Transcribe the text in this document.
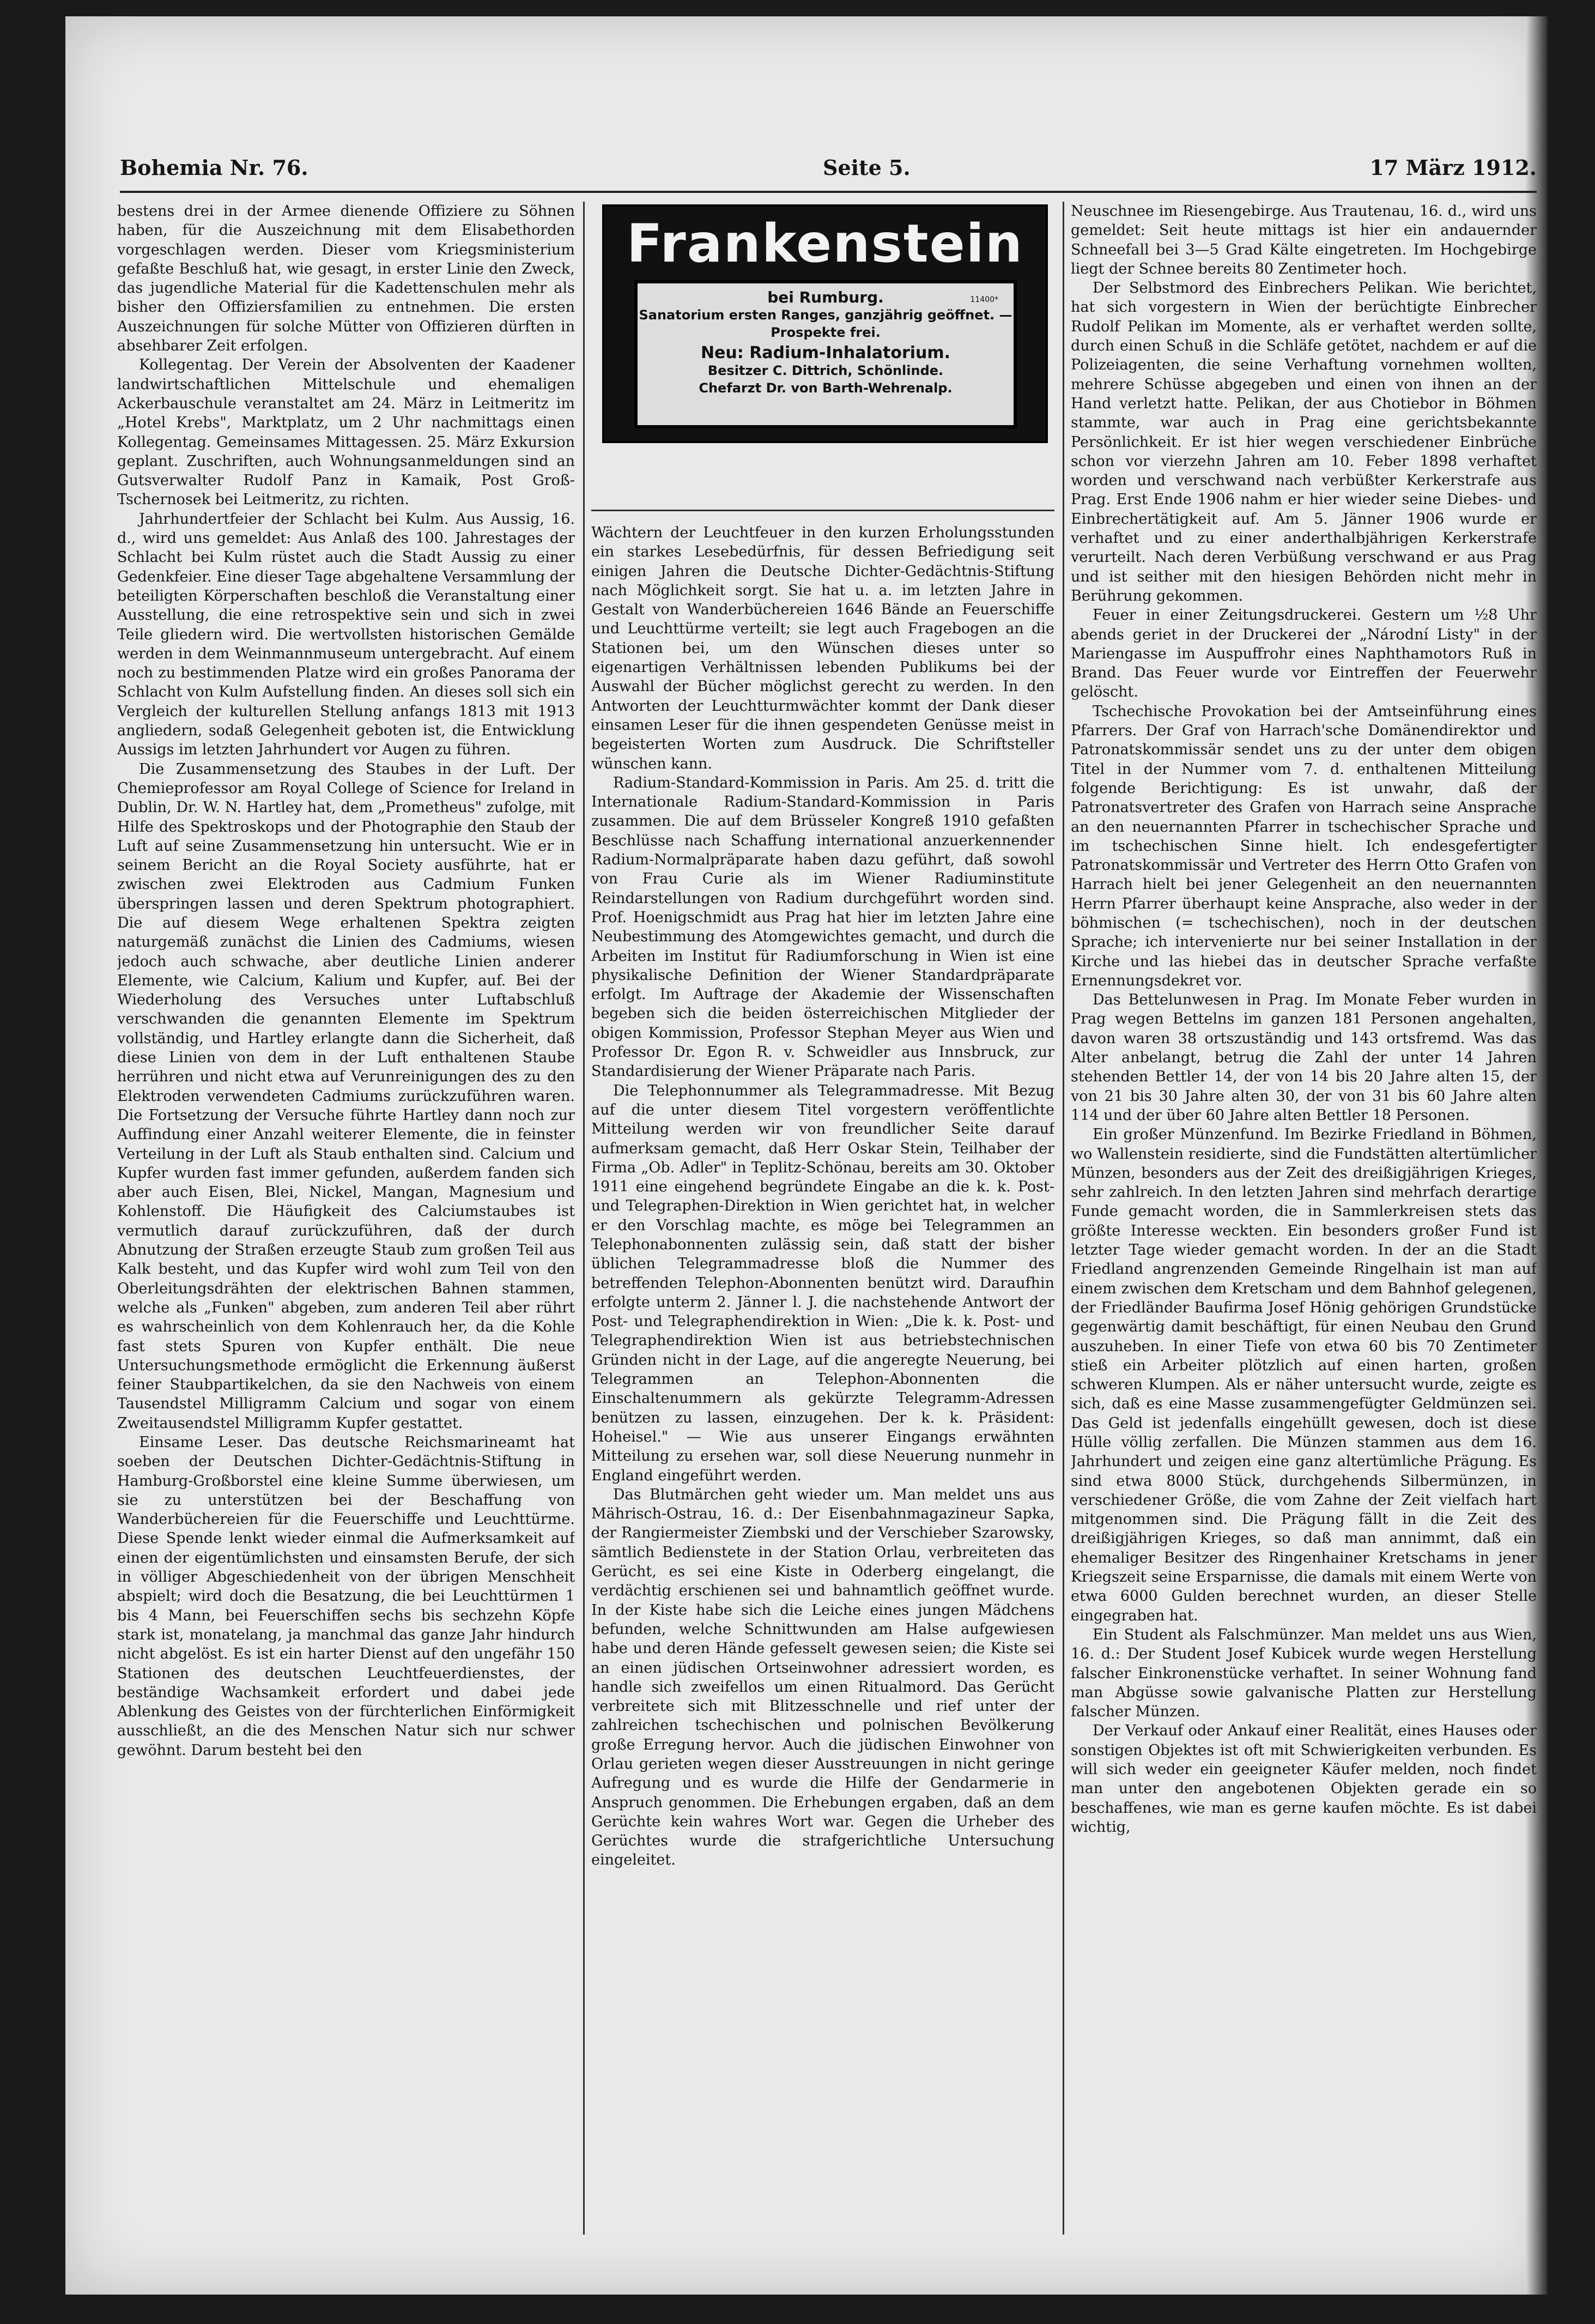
Bohemia Nr. 76.	Seite 5.	17 März 1912.

bestens drei in der Armee dienende Offiziere zu Söhnen haben, für die Auszeichnung mit dem Elisabethorden vorgeschlagen werden. Dieser vom Kriegsministerium gefaßte Beschluß hat, wie gesagt, in erster Linie den Zweck, das jugendliche Material für die Kadettenschulen mehr als bisher den Offiziersfamilien zu entnehmen. Die ersten Auszeichnungen für solche Mütter von Offizieren dürften in absehbarer Zeit erfolgen.

Kollegentag. Der Verein der Absolventen der Kaadener landwirtschaftlichen Mittelschule und ehemaligen Ackerbauschule veranstaltet am 24. März in Leitmeritz im „Hotel Krebs", Marktplatz, um 2 Uhr nachmittags einen Kollegentag. Gemeinsames Mittagessen. 25. März Exkursion geplant. Zuschriften, auch Wohnungsanmeldungen sind an Gutsverwalter Rudolf Panz in Kamaik, Post Groß-Tschernosek bei Leitmeritz, zu richten.

Jahrhundertfeier der Schlacht bei Kulm. Aus Aussig, 16. d., wird uns gemeldet: Aus Anlaß des 100. Jahrestages der Schlacht bei Kulm rüstet auch die Stadt Aussig zu einer Gedenkfeier. Eine dieser Tage abgehaltene Versammlung der beteiligten Körperschaften beschloß die Veranstaltung einer Ausstellung, die eine retrospektive sein und sich in zwei Teile gliedern wird. Die wertvollsten historischen Gemälde werden in dem Weinmannmuseum untergebracht. Auf einem noch zu bestimmenden Platze wird ein großes Panorama der Schlacht von Kulm Aufstellung finden. An dieses soll sich ein Vergleich der kulturellen Stellung anfangs 1813 mit 1913 angliedern, sodaß Gelegenheit geboten ist, die Entwicklung Aussigs im letzten Jahrhundert vor Augen zu führen.

Die Zusammensetzung des Staubes in der Luft. Der Chemieprofessor am Royal College of Science for Ireland in Dublin, Dr. W. N. Hartley hat, dem „Prometheus" zufolge, mit Hilfe des Spektroskops und der Photographie den Staub der Luft auf seine Zusammensetzung hin untersucht. Wie er in seinem Bericht an die Royal Society ausführte, hat er zwischen zwei Elektroden aus Cadmium Funken überspringen lassen und deren Spektrum photographiert. Die auf diesem Wege erhaltenen Spektra zeigten naturgemäß zunächst die Linien des Cadmiums, wiesen jedoch auch schwache, aber deutliche Linien anderer Elemente, wie Calcium, Kalium und Kupfer, auf. Bei der Wiederholung des Versuches unter Luftabschluß verschwanden die genannten Elemente im Spektrum vollständig, und Hartley erlangte dann die Sicherheit, daß diese Linien von dem in der Luft enthaltenen Staube herrühren und nicht etwa auf Verunreinigungen des zu den Elektroden verwendeten Cadmiums zurückzuführen waren. Die Fortsetzung der Versuche führte Hartley dann noch zur Auffindung einer Anzahl weiterer Elemente, die in feinster Verteilung in der Luft als Staub enthalten sind. Calcium und Kupfer wurden fast immer gefunden, außerdem fanden sich aber auch Eisen, Blei, Nickel, Mangan, Magnesium und Kohlenstoff. Die Häufigkeit des Calciumstaubes ist vermutlich darauf zurückzuführen, daß der durch Abnutzung der Straßen erzeugte Staub zum großen Teil aus Kalk besteht, und das Kupfer wird wohl zum Teil von den Oberleitungsdrähten der elektrischen Bahnen stammen, welche als „Funken" abgeben, zum anderen Teil aber rührt es wahrscheinlich von dem Kohlenrauch her, da die Kohle fast stets Spuren von Kupfer enthält. Die neue Untersuchungsmethode ermöglicht die Erkennung äußerst feiner Staubpartikelchen, da sie den Nachweis von einem Tausendstel Milligramm Calcium und sogar von einem Zweitausendstel Milligramm Kupfer gestattet.

Einsame Leser. Das deutsche Reichsmarineamt hat soeben der Deutschen Dichter-Gedächtnis-Stiftung in Hamburg-Großborstel eine kleine Summe überwiesen, um sie zu unterstützen bei der Beschaffung von Wanderbüchereien für die Feuerschiffe und Leuchttürme. Diese Spende lenkt wieder einmal die Aufmerksamkeit auf einen der eigentümlichsten und einsamsten Berufe, der sich in völliger Abgeschiedenheit von der übrigen Menschheit abspielt; wird doch die Besatzung, die bei Leuchttürmen 1 bis 4 Mann, bei Feuerschiffen sechs bis sechzehn Köpfe stark ist, monatelang, ja manchmal das ganze Jahr hindurch nicht abgelöst. Es ist ein harter Dienst auf den ungefähr 150 Stationen des deutschen Leuchtfeuerdienstes, der beständige Wachsamkeit erfordert und dabei jede Ablenkung des Geistes von der fürchterlichen Einförmigkeit ausschließt, an die des Menschen Natur sich nur schwer gewöhnt. Darum besteht bei den

Frankenstein
11400*
bei Rumburg.
Sanatorium ersten Ranges, ganzjährig geöffnet. — Prospekte frei.
Neu: Radium-Inhalatorium.
Besitzer C. Dittrich, Schönlinde.
Chefarzt Dr. von Barth-Wehrenalp.

Wächtern der Leuchtfeuer in den kurzen Erholungsstunden ein starkes Lesebedürfnis, für dessen Befriedigung seit einigen Jahren die Deutsche Dichter-Gedächtnis-Stiftung nach Möglichkeit sorgt. Sie hat u. a. im letzten Jahre in Gestalt von Wanderbüchereien 1646 Bände an Feuerschiffe und Leuchttürme verteilt; sie legt auch Fragebogen an die Stationen bei, um den Wünschen dieses unter so eigenartigen Verhältnissen lebenden Publikums bei der Auswahl der Bücher möglichst gerecht zu werden. In den Antworten der Leuchtturmwächter kommt der Dank dieser einsamen Leser für die ihnen gespendeten Genüsse meist in begeisterten Worten zum Ausdruck. Die Schriftsteller wünschen kann.

Radium-Standard-Kommission in Paris. Am 25. d. tritt die Internationale Radium-Standard-Kommission in Paris zusammen. Die auf dem Brüsseler Kongreß 1910 gefaßten Beschlüsse nach Schaffung international anzuerkennender Radium-Normalpräparate haben dazu geführt, daß sowohl von Frau Curie als im Wiener Radiuminstitute Reindarstellungen von Radium durchgeführt worden sind. Prof. Hoenigschmidt aus Prag hat hier im letzten Jahre eine Neubestimmung des Atomgewichtes gemacht, und durch die Arbeiten im Institut für Radiumforschung in Wien ist eine physikalische Definition der Wiener Standardpräparate erfolgt. Im Auftrage der Akademie der Wissenschaften begeben sich die beiden österreichischen Mitglieder der obigen Kommission, Professor Stephan Meyer aus Wien und Professor Dr. Egon R. v. Schweidler aus Innsbruck, zur Standardisierung der Wiener Präparate nach Paris.

Die Telephonnummer als Telegrammadresse. Mit Bezug auf die unter diesem Titel vorgestern veröffentlichte Mitteilung werden wir von freundlicher Seite darauf aufmerksam gemacht, daß Herr Oskar Stein, Teilhaber der Firma „Ob. Adler" in Teplitz-Schönau, bereits am 30. Oktober 1911 eine eingehend begründete Eingabe an die k. k. Post- und Telegraphen-Direktion in Wien gerichtet hat, in welcher er den Vorschlag machte, es möge bei Telegrammen an Telephonabonnenten zulässig sein, daß statt der bisher üblichen Telegrammadresse bloß die Nummer des betreffenden Telephon-Abonnenten benützt wird. Daraufhin erfolgte unterm 2. Jänner l. J. die nachstehende Antwort der Post- und Telegraphendirektion in Wien: „Die k. k. Post- und Telegraphendirektion Wien ist aus betriebstechnischen Gründen nicht in der Lage, auf die angeregte Neuerung, bei Telegrammen an Telephon-Abonnenten die Einschaltenummern als gekürzte Telegramm-Adressen benützen zu lassen, einzugehen. Der k. k. Präsident: Hoheisel." — Wie aus unserer Eingangs erwähnten Mitteilung zu ersehen war, soll diese Neuerung nunmehr in England eingeführt werden.

Das Blutmärchen geht wieder um. Man meldet uns aus Mährisch-Ostrau, 16. d.: Der Eisenbahnmagazineur Sapka, der Rangiermeister Ziembski und der Verschieber Szarowsky, sämtlich Bedienstete in der Station Orlau, verbreiteten das Gerücht, es sei eine Kiste in Oderberg eingelangt, die verdächtig erschienen sei und bahnamtlich geöffnet wurde. In der Kiste habe sich die Leiche eines jungen Mädchens befunden, welche Schnittwunden am Halse aufgewiesen habe und deren Hände gefesselt gewesen seien; die Kiste sei an einen jüdischen Ortseinwohner adressiert worden, es handle sich zweifellos um einen Ritualmord. Das Gerücht verbreitete sich mit Blitzesschnelle und rief unter der zahlreichen tschechischen und polnischen Bevölkerung große Erregung hervor. Auch die jüdischen Einwohner von Orlau gerieten wegen dieser Ausstreuungen in nicht geringe Aufregung und es wurde die Hilfe der Gendarmerie in Anspruch genommen. Die Erhebungen ergaben, daß an dem Gerüchte kein wahres Wort war. Gegen die Urheber des Gerüchtes wurde die strafgerichtliche Untersuchung eingeleitet.

Neuschnee im Riesengebirge. Aus Trautenau, 16. d., wird uns gemeldet: Seit heute mittags ist hier ein andauernder Schneefall bei 3—5 Grad Kälte eingetreten. Im Hochgebirge liegt der Schnee bereits 80 Zentimeter hoch.

Der Selbstmord des Einbrechers Pelikan. Wie berichtet, hat sich vorgestern in Wien der berüchtigte Einbrecher Rudolf Pelikan im Momente, als er verhaftet werden sollte, durch einen Schuß in die Schläfe getötet, nachdem er auf die Polizeiagenten, die seine Verhaftung vornehmen wollten, mehrere Schüsse abgegeben und einen von ihnen an der Hand verletzt hatte. Pelikan, der aus Chotiebor in Böhmen stammte, war auch in Prag eine gerichtsbekannte Persönlichkeit. Er ist hier wegen verschiedener Einbrüche schon vor vierzehn Jahren am 10. Feber 1898 verhaftet worden und verschwand nach verbüßter Kerkerstrafe aus Prag. Erst Ende 1906 nahm er hier wieder seine Diebes- und Einbrechertätigkeit auf. Am 5. Jänner 1906 wurde er verhaftet und zu einer anderthalbjährigen Kerkerstrafe verurteilt. Nach deren Verbüßung verschwand er aus Prag und ist seither mit den hiesigen Behörden nicht mehr in Berührung gekommen.

Feuer in einer Zeitungsdruckerei. Gestern um ½8 Uhr abends geriet in der Druckerei der „Národní Listy" in der Mariengasse im Auspuffrohr eines Naphthamotors Ruß in Brand. Das Feuer wurde vor Eintreffen der Feuerwehr gelöscht.

Tschechische Provokation bei der Amtseinführung eines Pfarrers. Der Graf von Harrach'sche Domänendirektor und Patronatskommissär sendet uns zu der unter dem obigen Titel in der Nummer vom 7. d. enthaltenen Mitteilung folgende Berichtigung: Es ist unwahr, daß der Patronatsvertreter des Grafen von Harrach seine Ansprache an den neuernannten Pfarrer in tschechischer Sprache und im tschechischen Sinne hielt. Ich endesgefertigter Patronatskommissär und Vertreter des Herrn Otto Grafen von Harrach hielt bei jener Gelegenheit an den neuernannten Herrn Pfarrer überhaupt keine Ansprache, also weder in der böhmischen (= tschechischen), noch in der deutschen Sprache; ich intervenierte nur bei seiner Installation in der Kirche und las hiebei das in deutscher Sprache verfaßte Ernennungsdekret vor.

Das Bettelunwesen in Prag. Im Monate Feber wurden in Prag wegen Bettelns im ganzen 181 Personen angehalten, davon waren 38 ortszuständig und 143 ortsfremd. Was das Alter anbelangt, betrug die Zahl der unter 14 Jahren stehenden Bettler 14, der von 14 bis 20 Jahre alten 15, der von 21 bis 30 Jahre alten 30, der von 31 bis 60 Jahre alten 114 und der über 60 Jahre alten Bettler 18 Personen.

Ein großer Münzenfund. Im Bezirke Friedland in Böhmen, wo Wallenstein residierte, sind die Fundstätten altertümlicher Münzen, besonders aus der Zeit des dreißigjährigen Krieges, sehr zahlreich. In den letzten Jahren sind mehrfach derartige Funde gemacht worden, die in Sammlerkreisen stets das größte Interesse weckten. Ein besonders großer Fund ist letzter Tage wieder gemacht worden. In der an die Stadt Friedland angrenzenden Gemeinde Ringelhain ist man auf einem zwischen dem Kretscham und dem Bahnhof gelegenen, der Friedländer Baufirma Josef Hönig gehörigen Grundstücke gegenwärtig damit beschäftigt, für einen Neubau den Grund auszuheben. In einer Tiefe von etwa 60 bis 70 Zentimeter stieß ein Arbeiter plötzlich auf einen harten, großen schweren Klumpen. Als er näher untersucht wurde, zeigte es sich, daß es eine Masse zusammengefügter Geldmünzen sei. Das Geld ist jedenfalls eingehüllt gewesen, doch ist diese Hülle völlig zerfallen. Die Münzen stammen aus dem 16. Jahrhundert und zeigen eine ganz altertümliche Prägung. Es sind etwa 8000 Stück, durchgehends Silbermünzen, in verschiedener Größe, die vom Zahne der Zeit vielfach hart mitgenommen sind. Die Prägung fällt in die Zeit des dreißigjährigen Krieges, so daß man annimmt, daß ein ehemaliger Besitzer des Ringenhainer Kretschams in jener Kriegszeit seine Ersparnisse, die damals mit einem Werte von etwa 6000 Gulden berechnet wurden, an dieser Stelle eingegraben hat.

Ein Student als Falschmünzer. Man meldet uns aus Wien, 16. d.: Der Student Josef Kubicek wurde wegen Herstellung falscher Einkronenstücke verhaftet. In seiner Wohnung fand man Abgüsse sowie galvanische Platten zur Herstellung falscher Münzen.

Der Verkauf oder Ankauf einer Realität, eines Hauses oder sonstigen Objektes ist oft mit Schwierigkeiten verbunden. Es will sich weder ein geeigneter Käufer melden, noch findet man unter den angebotenen Objekten gerade ein so beschaffenes, wie man es gerne kaufen möchte. Es ist dabei wichtig,
